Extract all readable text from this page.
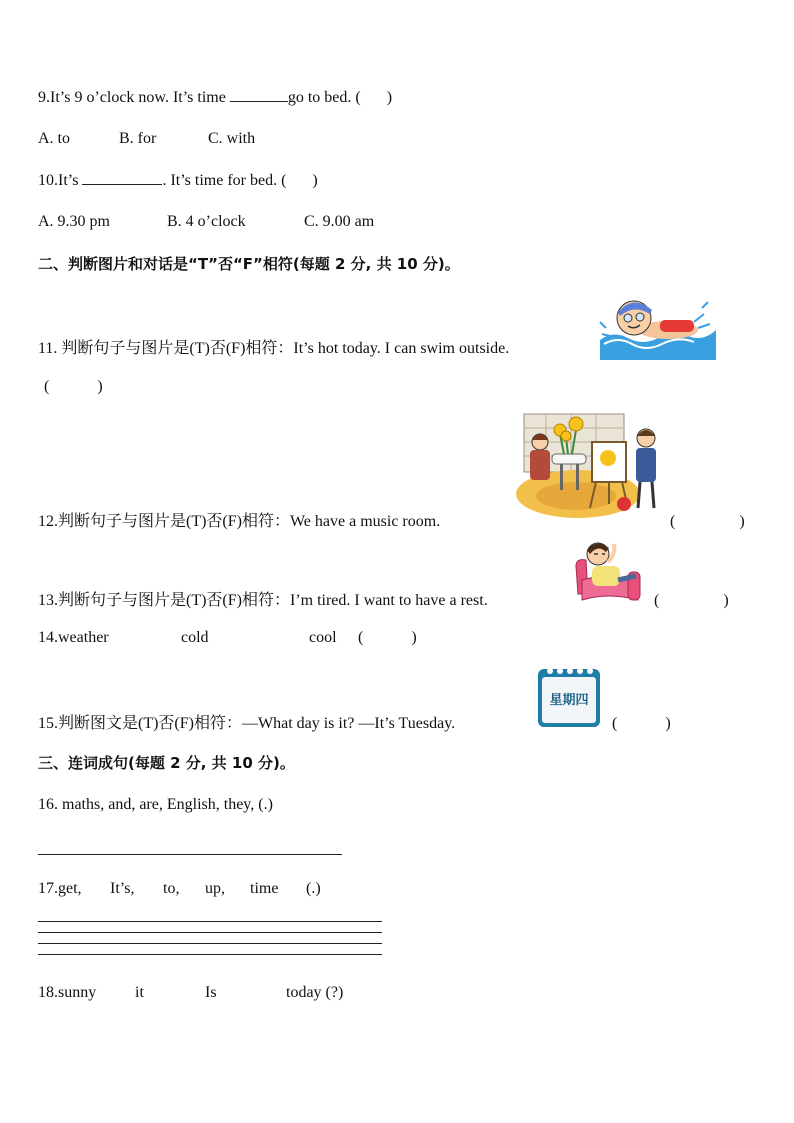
9.It’s 9 o’clock now. It’s time	go to bed. ( )
A. to	B. for	C. with
10.It’s	. It’s time for bed. ( )
A. 9.30 pm	B. 4 o’clock	C. 9.00 am
二、判断图片和对话是“T”否“F”相符(每题 2 分, 共 10 分)。
11. 判断句子与图片是(T)否(F)相符：It’s hot today. I can swim outside.
(　　　)
12.判断句子与图片是(T)否(F)相符：We have a music room.	(　　　　)
13.判断句子与图片是(T)否(F)相符：I’m tired. I want to have a rest.	(　　　　)
14.weather	cold	cool (　　　)
星期四
15.判断图文是(T)否(F)相符：—What day is it? —It’s Tuesday.	(　　　)
三、连词成句(每题 2 分, 共 10 分)。
16. maths, and, are, English, they, (.)
17.get, It’s, to, up, time (.)
18.sunny it	Is	today (?)
